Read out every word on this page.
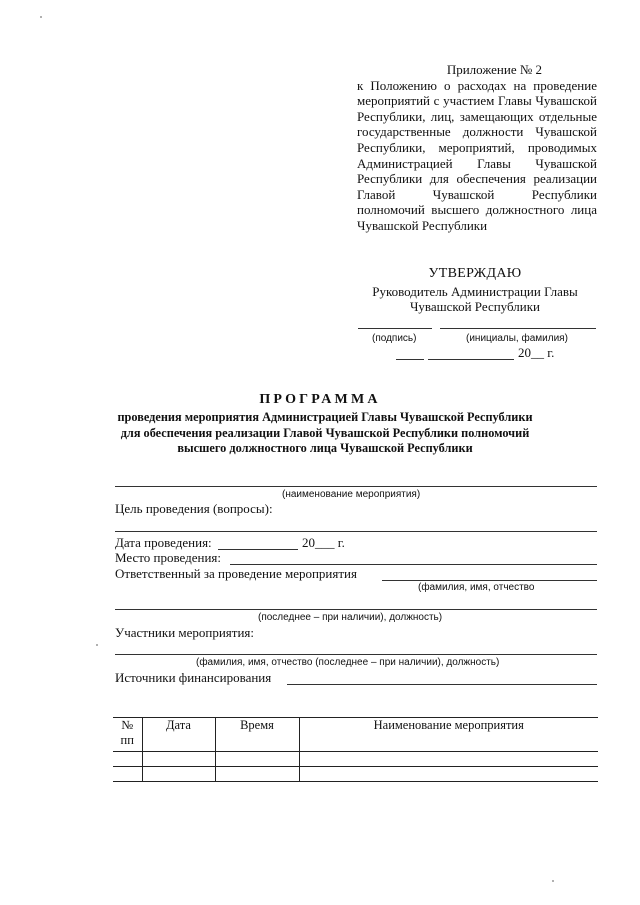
Приложение № 2
к Положению о расходах на проведение мероприятий с участием Главы Чувашской Республики, лиц, замещающих отдельные государственные должности Чувашской Республики, мероприятий, проводимых Администрацией Главы Чувашской Республики для обеспечения реализации Главой Чувашской Республики полномочий высшего должностного лица Чувашской Республики
УТВЕРЖДАЮ
Руководитель Администрации Главы
Чувашской Республики
(подпись)	(инициалы, фамилия)
20__ г.
ПРОГРАММА
проведения мероприятия Администрацией Главы Чувашской Республики
для обеспечения реализации Главой Чувашской Республики полномочий
высшего должностного лица Чувашской Республики
(наименование мероприятия)
Цель проведения (вопросы):
Дата проведения:	20___ г.
Место проведения:
Ответственный за проведение мероприятия
(фамилия, имя, отчество
(последнее – при наличии), должность)
Участники мероприятия:
(фамилия, имя, отчество (последнее – при наличии), должность)
Источники финансирования
№ пп	Дата	Время	Наименование мероприятия
